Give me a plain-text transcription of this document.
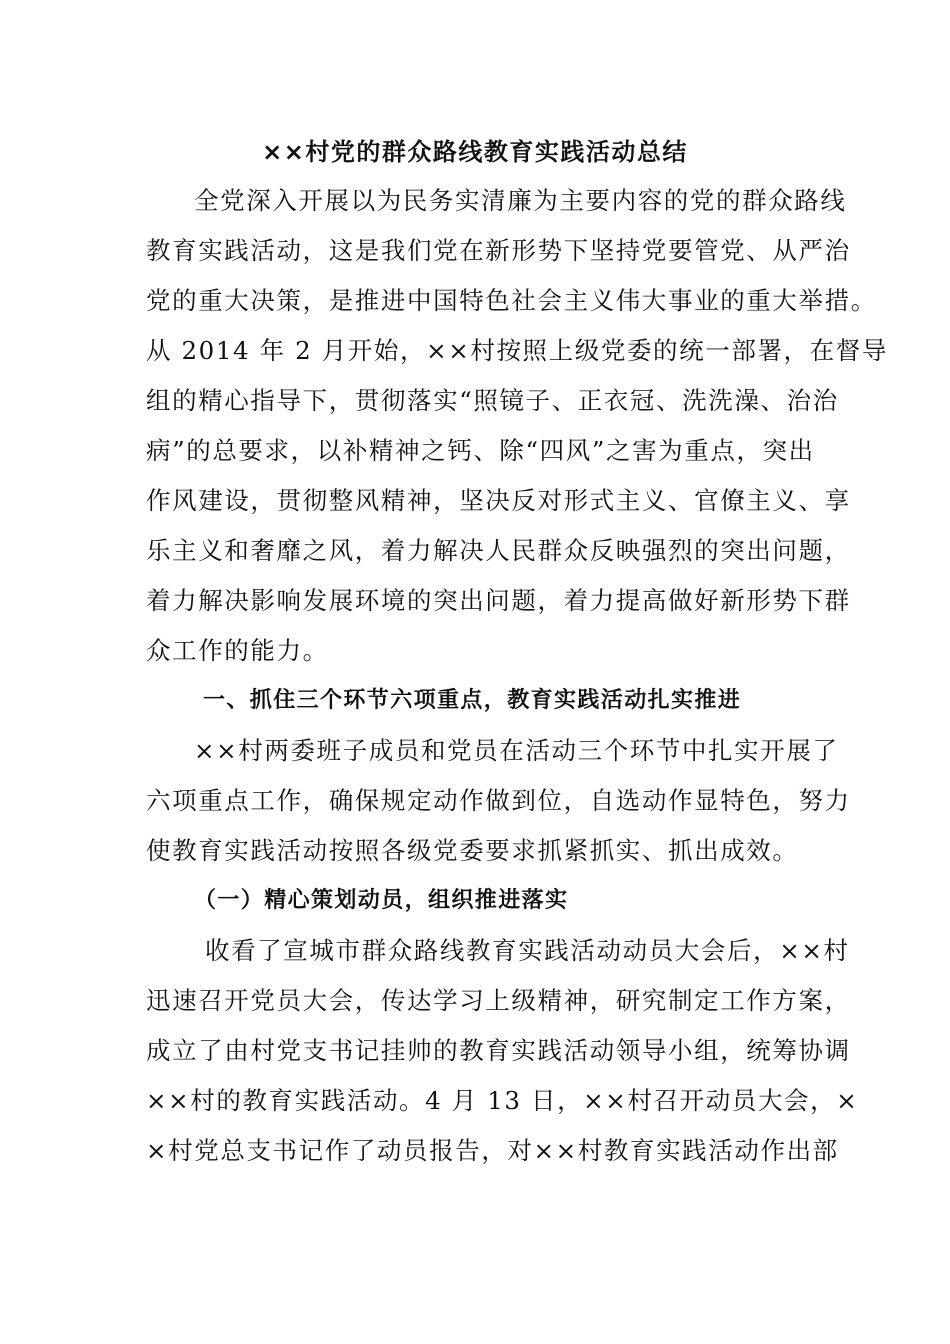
××村党的群众路线教育实践活动总结
全党深入开展以为民务实清廉为主要内容的党的群众路线
教育实践活动，这是我们党在新形势下坚持党要管党、从严治
党的重大决策，是推进中国特色社会主义伟大事业的重大举措。
从 2014 年 2 月开始，××村按照上级党委的统一部署，在督导
组的精心指导下，贯彻落实“照镜子、正衣冠、洗洗澡、治治
病”的总要求，以补精神之钙、除“四风”之害为重点，突出
作风建设，贯彻整风精神，坚决反对形式主义、官僚主义、享
乐主义和奢靡之风，着力解决人民群众反映强烈的突出问题，
着力解决影响发展环境的突出问题，着力提高做好新形势下群
众工作的能力。
一、抓住三个环节六项重点，教育实践活动扎实推进
××村两委班子成员和党员在活动三个环节中扎实开展了
六项重点工作，确保规定动作做到位，自选动作显特色，努力
使教育实践活动按照各级党委要求抓紧抓实、抓出成效。
（一）精心策划动员，组织推进落实
收看了宣城市群众路线教育实践活动动员大会后，××村
迅速召开党员大会，传达学习上级精神，研究制定工作方案，
成立了由村党支书记挂帅的教育实践活动领导小组，统筹协调
××村的教育实践活动。4 月 13 日，××村召开动员大会，×
×村党总支书记作了动员报告，对××村教育实践活动作出部
